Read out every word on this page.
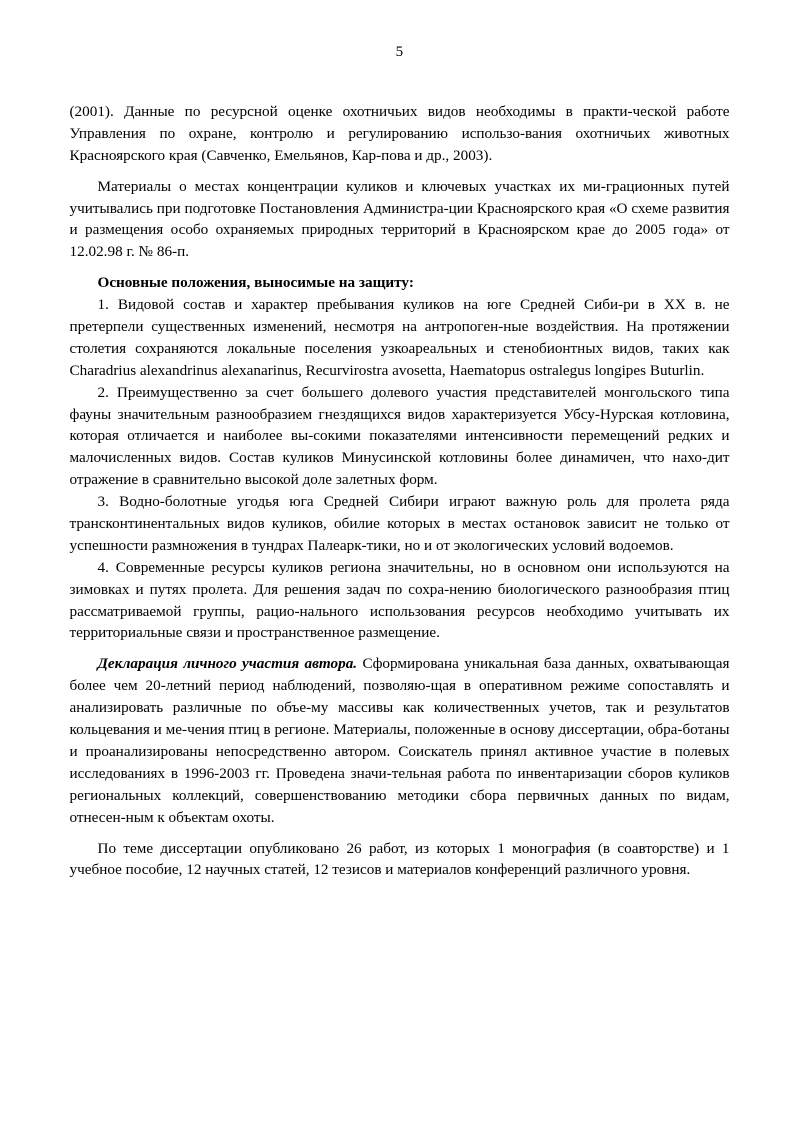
5

(2001). Данные по ресурсной оценке охотничьих видов необходимы в практи-ческой работе Управления по охране, контролю и регулированию использо-вания охотничьих животных Красноярского края (Савченко, Емельянов, Кар-пова и др., 2003).

Материалы о местах концентрации куликов и ключевых участках их ми-грационных путей учитывались при подготовке Постановления Администра-ции Красноярского края «О схеме развития и размещения особо охраняемых природных территорий в Красноярском крае до 2005 года» от 12.02.98 г. № 86-п.

Основные положения, выносимые на защиту:

1. Видовой состав и характер пребывания куликов на юге Средней Сиби-ри в XX в. не претерпели существенных изменений, несмотря на антропоген-ные воздействия. На протяжении столетия сохраняются локальные поселения узкоареальных и стенобионтных видов, таких как Charadrius alexandrinus alexanarinus, Recurvirostra avosetta, Haematopus ostralegus longipes Buturlin.

2. Преимущественно за счет большего долевого участия представителей монгольского типа фауны значительным разнообразием гнездящихся видов характеризуется Убсу-Нурская котловина, которая отличается и наиболее вы-сокими показателями интенсивности перемещений редких и малочисленных видов. Состав куликов Минусинской котловины более динамичен, что нахо-дит отражение в сравнительно высокой доле залетных форм.

3. Водно-болотные угодья юга Средней Сибири играют важную роль для пролета ряда трансконтинентальных видов куликов, обилие которых в местах остановок зависит не только от успешности размножения в тундрах Палеарк-тики, но и от экологических условий водоемов.

4. Современные ресурсы куликов региона значительны, но в основном они используются на зимовках и путях пролета. Для решения задач по сохра-нению биологического разнообразия птиц рассматриваемой группы, рацио-нального использования ресурсов необходимо учитывать их территориальные связи и пространственное размещение.

Декларация личного участия автора. Сформирована уникальная база данных, охватывающая более чем 20-летний период наблюдений, позволяю-щая в оперативном режиме сопоставлять и анализировать различные по объе-му массивы как количественных учетов, так и результатов кольцевания и ме-чения птиц в регионе. Материалы, положенные в основу диссертации, обра-ботаны и проанализированы непосредственно автором. Соискатель принял активное участие в полевых исследованиях в 1996-2003 гг. Проведена значи-тельная работа по инвентаризации сборов куликов региональных коллекций, совершенствованию методики сбора первичных данных по видам, отнесен-ным к объектам охоты.

По теме диссертации опубликовано 26 работ, из которых 1 монография (в соавторстве) и 1 учебное пособие, 12 научных статей, 12 тезисов и материалов конференций различного уровня.
